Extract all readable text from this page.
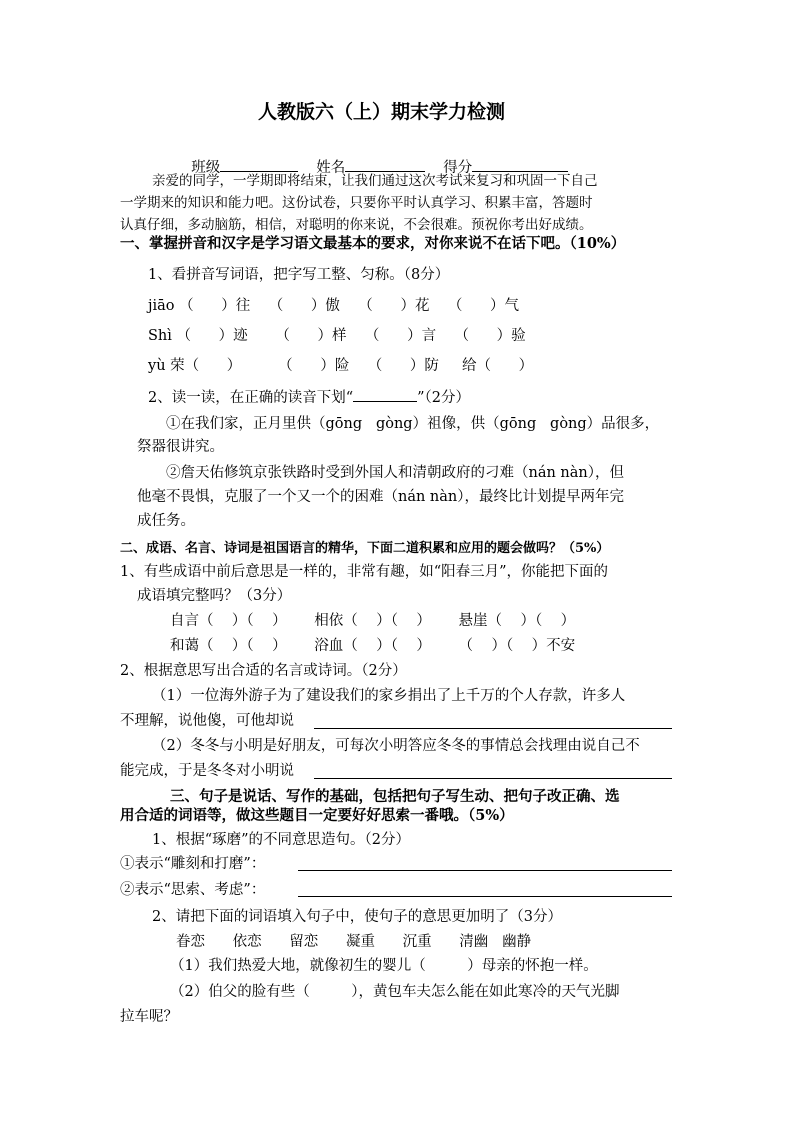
人教版六（上）期末学力检测

班级	姓名	得分

亲爱的同学，一学期即将结束，让我们通过这次考试来复习和巩固一下自己
一学期来的知识和能力吧。这份试卷，只要你平时认真学习、积累丰富，答题时
认真仔细，多动脑筋，相信，对聪明的你来说，不会很难。预祝你考出好成绩。
一、掌握拼音和汉字是学习语文最基本的要求，对你来说不在话下吧。（10%）
1、看拼音写词语，把字写工整、匀称。（8分）
jiāo （      ）往    （      ）傲    （      ）花    （      ）气
Shì （      ）迹      （      ）样    （      ）言    （      ）验
yù 荣（      ）        （      ）险    （      ）防     给（      ）
2、读一读，在正确的读音下划“	”（2分）
①在我们家，正月里供（gōng   gòng）祖像，供（gōng   gòng）品很多，
祭器很讲究。
②詹天佑修筑京张铁路时受到外国人和清朝政府的刁难（nán nàn），但
他毫不畏惧，克服了一个又一个的困难（nán nàn），最终比计划提早两年完
成任务。
二、成语、名言、诗词是祖国语言的精华，下面二道积累和应用的题会做吗？（5%）
1、有些成语中前后意思是一样的，非常有趣，如“阳春三月”，你能把下面的
成语填完整吗？（3分）
自言（    ）（    ）      相依（    ）（    ）      悬崖（    ）（    ）
和蔼（    ）（    ）      浴血（    ）（    ）      （    ）（    ）不安
2、根据意思写出合适的名言或诗词。（2分）
（1）一位海外游子为了建设我们的家乡捐出了上千万的个人存款，许多人
不理解，说他傻，可他却说
（2）冬冬与小明是好朋友，可每次小明答应冬冬的事情总会找理由说自己不
能完成，于是冬冬对小明说
三、句子是说话、写作的基础，包括把句子写生动、把句子改正确、选
用合适的词语等，做这些题目一定要好好思索一番哦。（5%）
1、根据“琢磨”的不同意思造句。（2分）
①表示“雕刻和打磨”：
②表示“思索、考虑”：
2、请把下面的词语填入句子中，使句子的意思更加明了（3分）
眷恋      依恋      留恋      凝重      沉重      清幽   幽静
（1）我们热爱大地，就像初生的婴儿（         ）母亲的怀抱一样。
（2）伯父的脸有些（         ），黄包车夫怎么能在如此寒冷的天气光脚
拉车呢？
